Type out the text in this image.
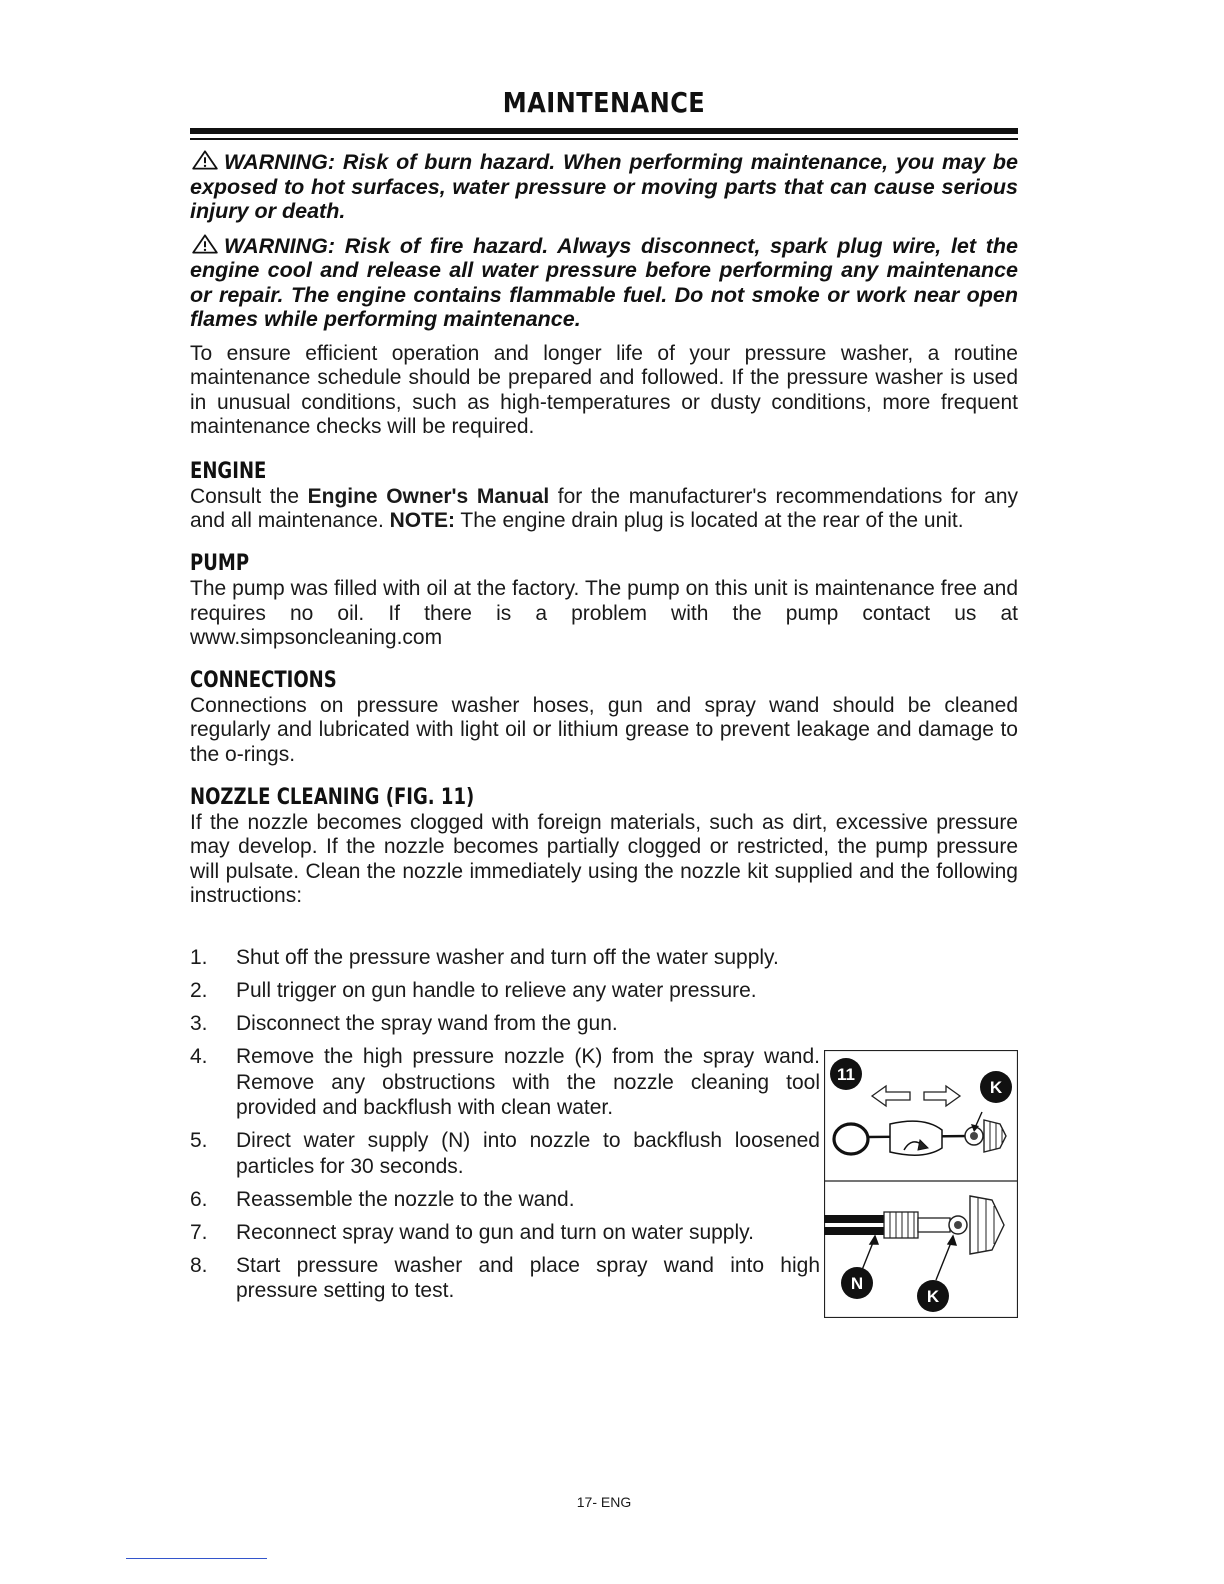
MAINTENANCE

WARNING: Risk of burn hazard. When performing maintenance, you may be exposed to hot surfaces, water pressure or moving parts that can cause serious injury or death.

WARNING: Risk of fire hazard. Always disconnect, spark plug wire, let the engine cool and release all water pressure before performing any maintenance or repair. The engine contains flammable fuel. Do not smoke or work near open flames while performing maintenance.

To ensure efficient operation and longer life of your pressure washer, a routine maintenance schedule should be prepared and followed. If the pressure washer is used in unusual conditions, such as high-temperatures or dusty conditions, more frequent maintenance checks will be required.

ENGINE

Consult the Engine Owner's Manual for the manufacturer's recommendations for any and all maintenance. NOTE: The engine drain plug is located at the rear of the unit.

PUMP

The pump was filled with oil at the factory. The pump on this unit is maintenance free and requires no oil. If there is a problem with the pump contact us at www.simpsoncleaning.com

CONNECTIONS

Connections on pressure washer hoses, gun and spray wand should be cleaned regularly and lubricated with light oil or lithium grease to prevent leakage and damage to the o-rings.

NOZZLE CLEANING (FIG. 11)

If the nozzle becomes clogged with foreign materials, such as dirt, excessive pressure may develop. If the nozzle becomes partially clogged or restricted, the pump pressure will pulsate. Clean the nozzle immediately using the nozzle kit supplied and the following instructions:

1. Shut off the pressure washer and turn off the water supply.
2. Pull trigger on gun handle to relieve any water pressure.
3. Disconnect the spray wand from the gun.
4. Remove the high pressure nozzle (K) from the spray wand. Remove any obstructions with the nozzle cleaning tool provided and backflush with clean water.
5. Direct water supply (N) into nozzle to backflush loosened particles for 30 seconds.
6. Reassemble the nozzle to the wand.
7. Reconnect spray wand to gun and turn on water supply.
8. Start pressure washer and place spray wand into high pressure setting to test.
11
K
N
K
17- ENG
